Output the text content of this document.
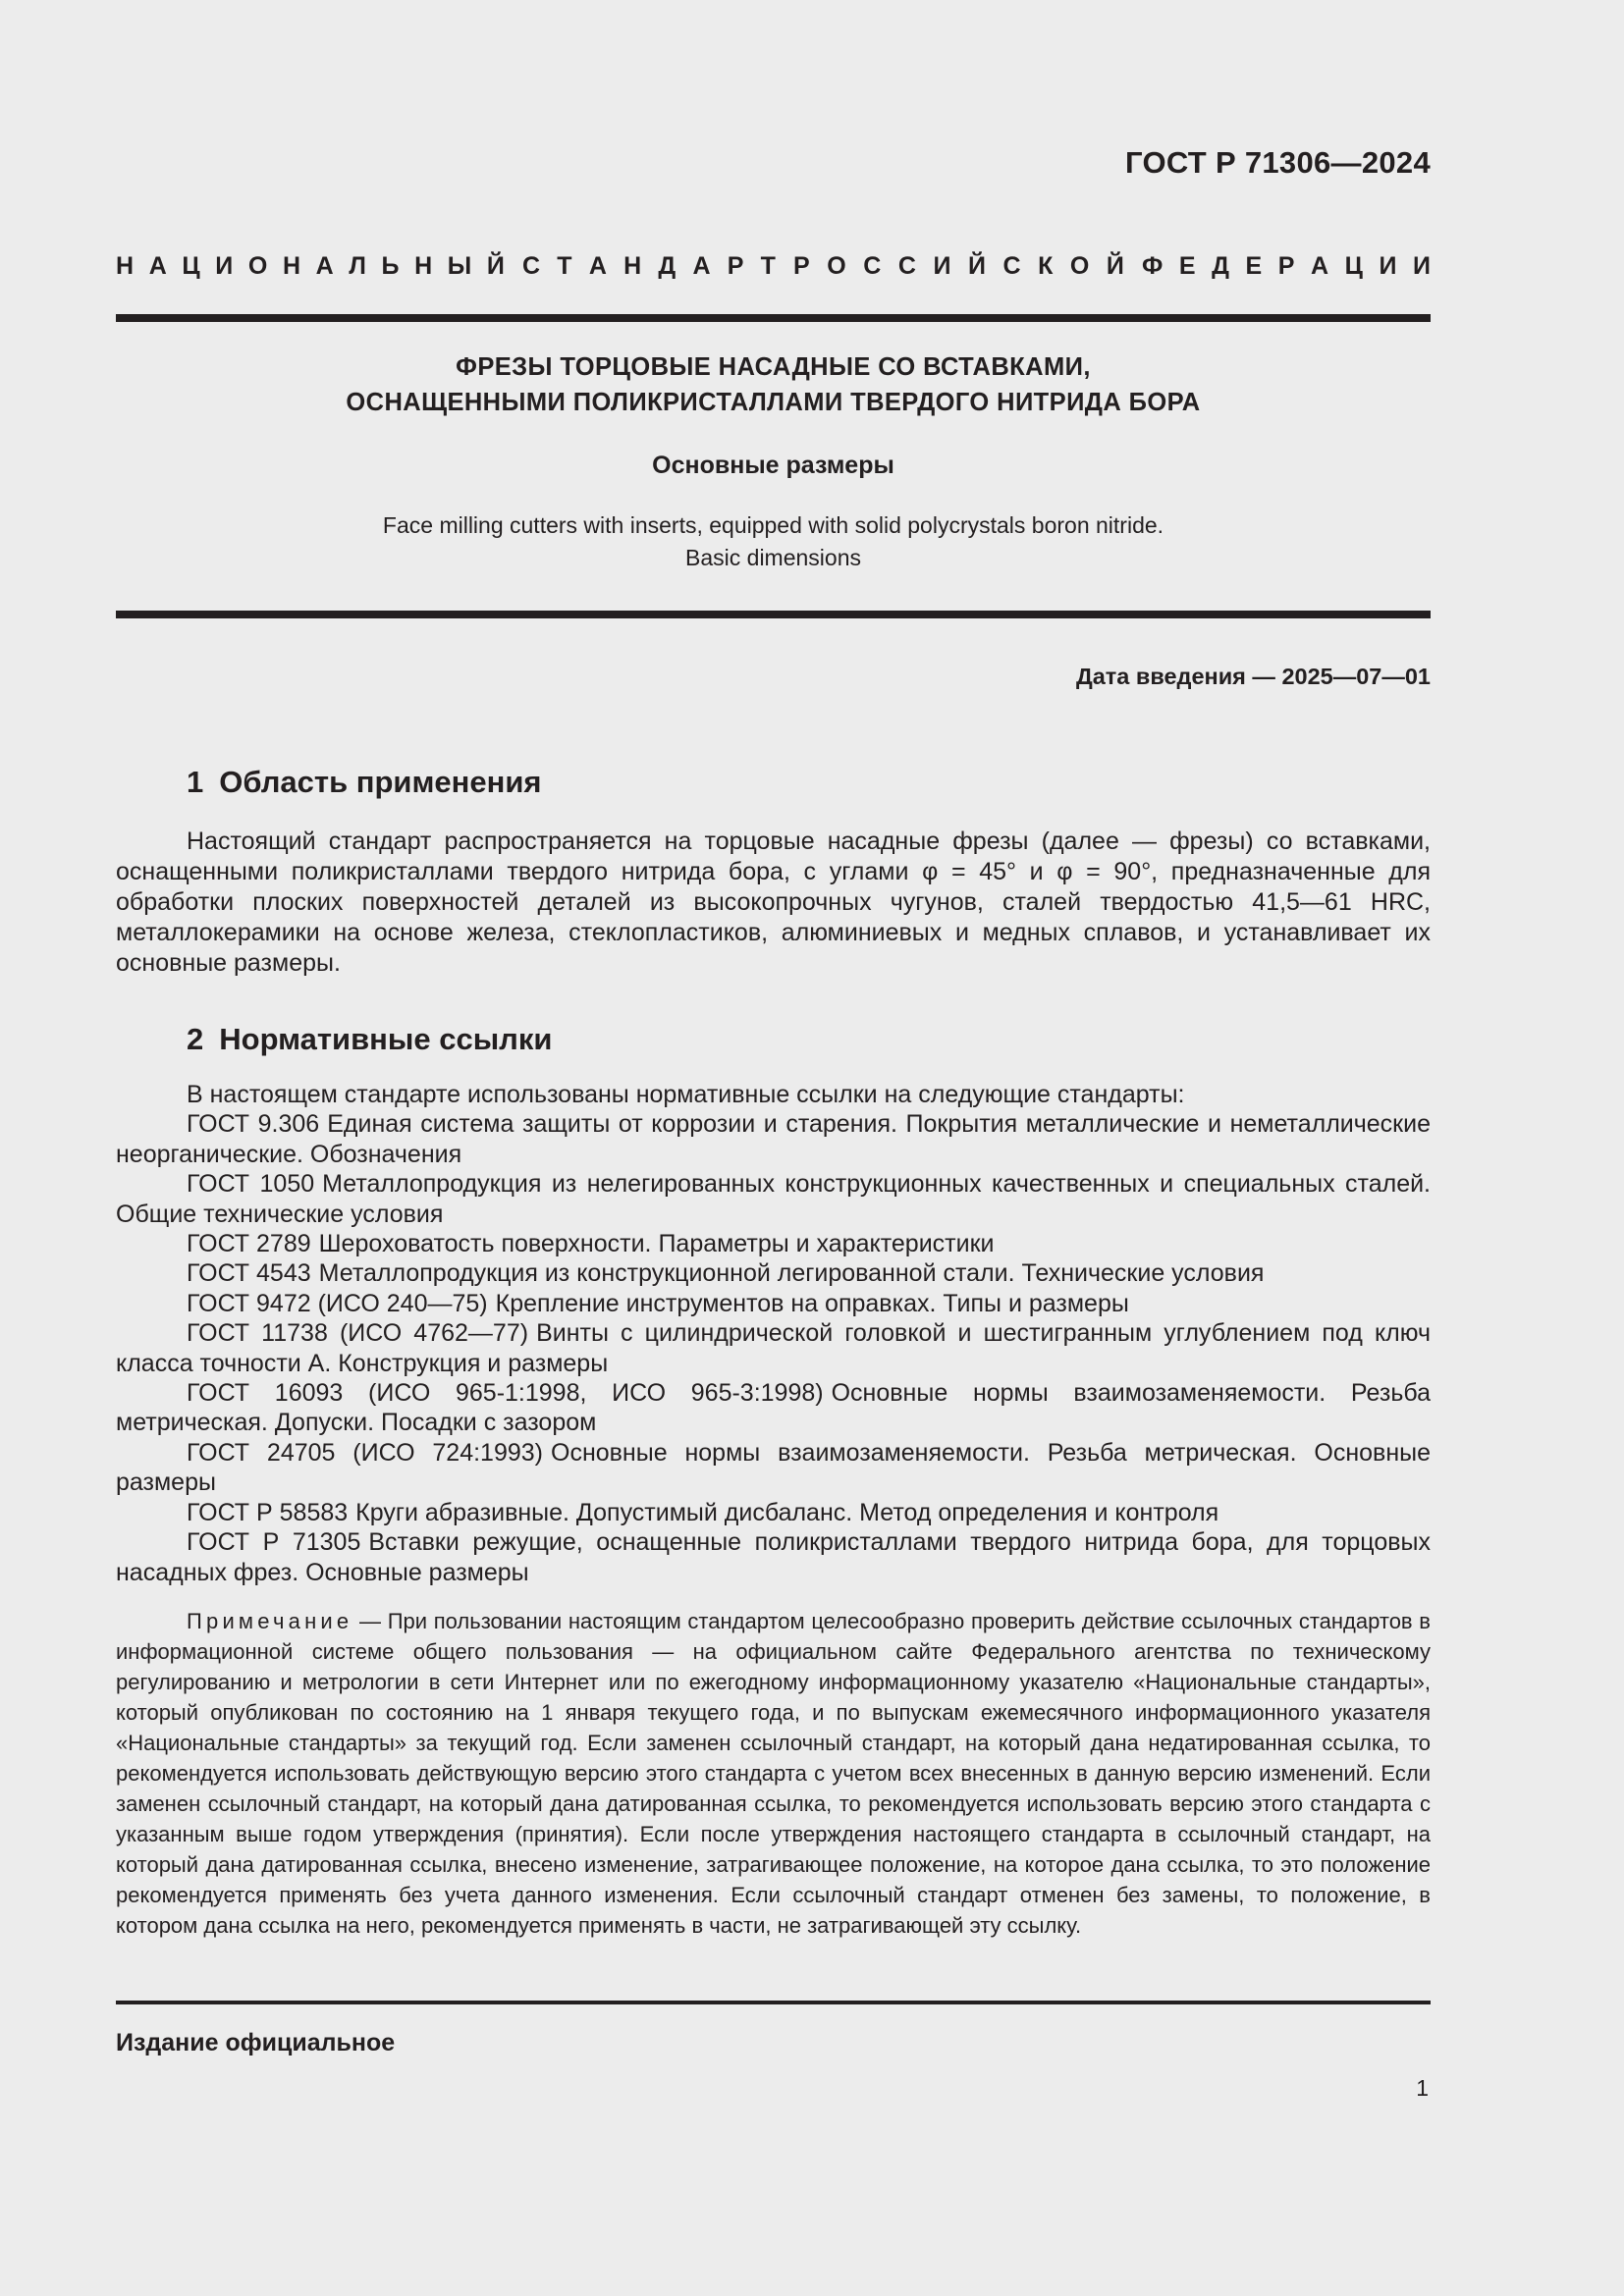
ГОСТ Р 71306—2024
Н А Ц И О Н А Л Ь Н Ы Й С Т А Н Д А Р Т Р О С С И Й С К О Й Ф Е Д Е Р А Ц И И
ФРЕЗЫ ТОРЦОВЫЕ НАСАДНЫЕ СО ВСТАВКАМИ,
ОСНАЩЕННЫМИ ПОЛИКРИСТАЛЛАМИ ТВЕРДОГО НИТРИДА БОРА
Основные размеры
Face milling cutters with inserts, equipped with solid polycrystals boron nitride.
Basic dimensions
Дата введения — 2025—07—01
1 Область применения
Настоящий стандарт распространяется на торцовые насадные фрезы (далее — фрезы) со вставками, оснащенными поликристаллами твердого нитрида бора, с углами φ = 45° и φ = 90°, предназначенные для обработки плоских поверхностей деталей из высокопрочных чугунов, сталей твердостью 41,5—61 HRC, металлокерамики на основе железа, стеклопластиков, алюминиевых и медных сплавов, и устанавливает их основные размеры.
2 Нормативные ссылки

В настоящем стандарте использованы нормативные ссылки на следующие стандарты:

ГОСТ 9.306 Единая система защиты от коррозии и старения. Покрытия металлические и неметаллические неорганические. Обозначения

ГОСТ 1050 Металлопродукция из нелегированных конструкционных качественных и специальных сталей. Общие технические условия

ГОСТ 2789 Шероховатость поверхности. Параметры и характеристики

ГОСТ 4543 Металлопродукция из конструкционной легированной стали. Технические условия

ГОСТ 9472 (ИСО 240—75) Крепление инструментов на оправках. Типы и размеры

ГОСТ 11738 (ИСО 4762—77) Винты с цилиндрической головкой и шестигранным углублением под ключ класса точности А. Конструкция и размеры

ГОСТ 16093 (ИСО 965-1:1998, ИСО 965-3:1998) Основные нормы взаимозаменяемости. Резьба метрическая. Допуски. Посадки с зазором

ГОСТ 24705 (ИСО 724:1993) Основные нормы взаимозаменяемости. Резьба метрическая. Основные размеры

ГОСТ Р 58583 Круги абразивные. Допустимый дисбаланс. Метод определения и контроля

ГОСТ Р 71305 Вставки режущие, оснащенные поликристаллами твердого нитрида бора, для торцовых насадных фрез. Основные размеры

Примечание — При пользовании настоящим стандартом целесообразно проверить действие ссылочных стандартов в информационной системе общего пользования — на официальном сайте Федерального агентства по техническому регулированию и метрологии в сети Интернет или по ежегодному информационному указателю «Национальные стандарты», который опубликован по состоянию на 1 января текущего года, и по выпускам ежемесячного информационного указателя «Национальные стандарты» за текущий год. Если заменен ссылочный стандарт, на который дана недатированная ссылка, то рекомендуется использовать действующую версию этого стандарта с учетом всех внесенных в данную версию изменений. Если заменен ссылочный стандарт, на который дана датированная ссылка, то рекомендуется использовать версию этого стандарта с указанным выше годом утверждения (принятия). Если после утверждения настоящего стандарта в ссылочный стандарт, на который дана датированная ссылка, внесено изменение, затрагивающее положение, на которое дана ссылка, то это положение рекомендуется применять без учета данного изменения. Если ссылочный стандарт отменен без замены, то положение, в котором дана ссылка на него, рекомендуется применять в части, не затрагивающей эту ссылку.
Издание официальное
1
